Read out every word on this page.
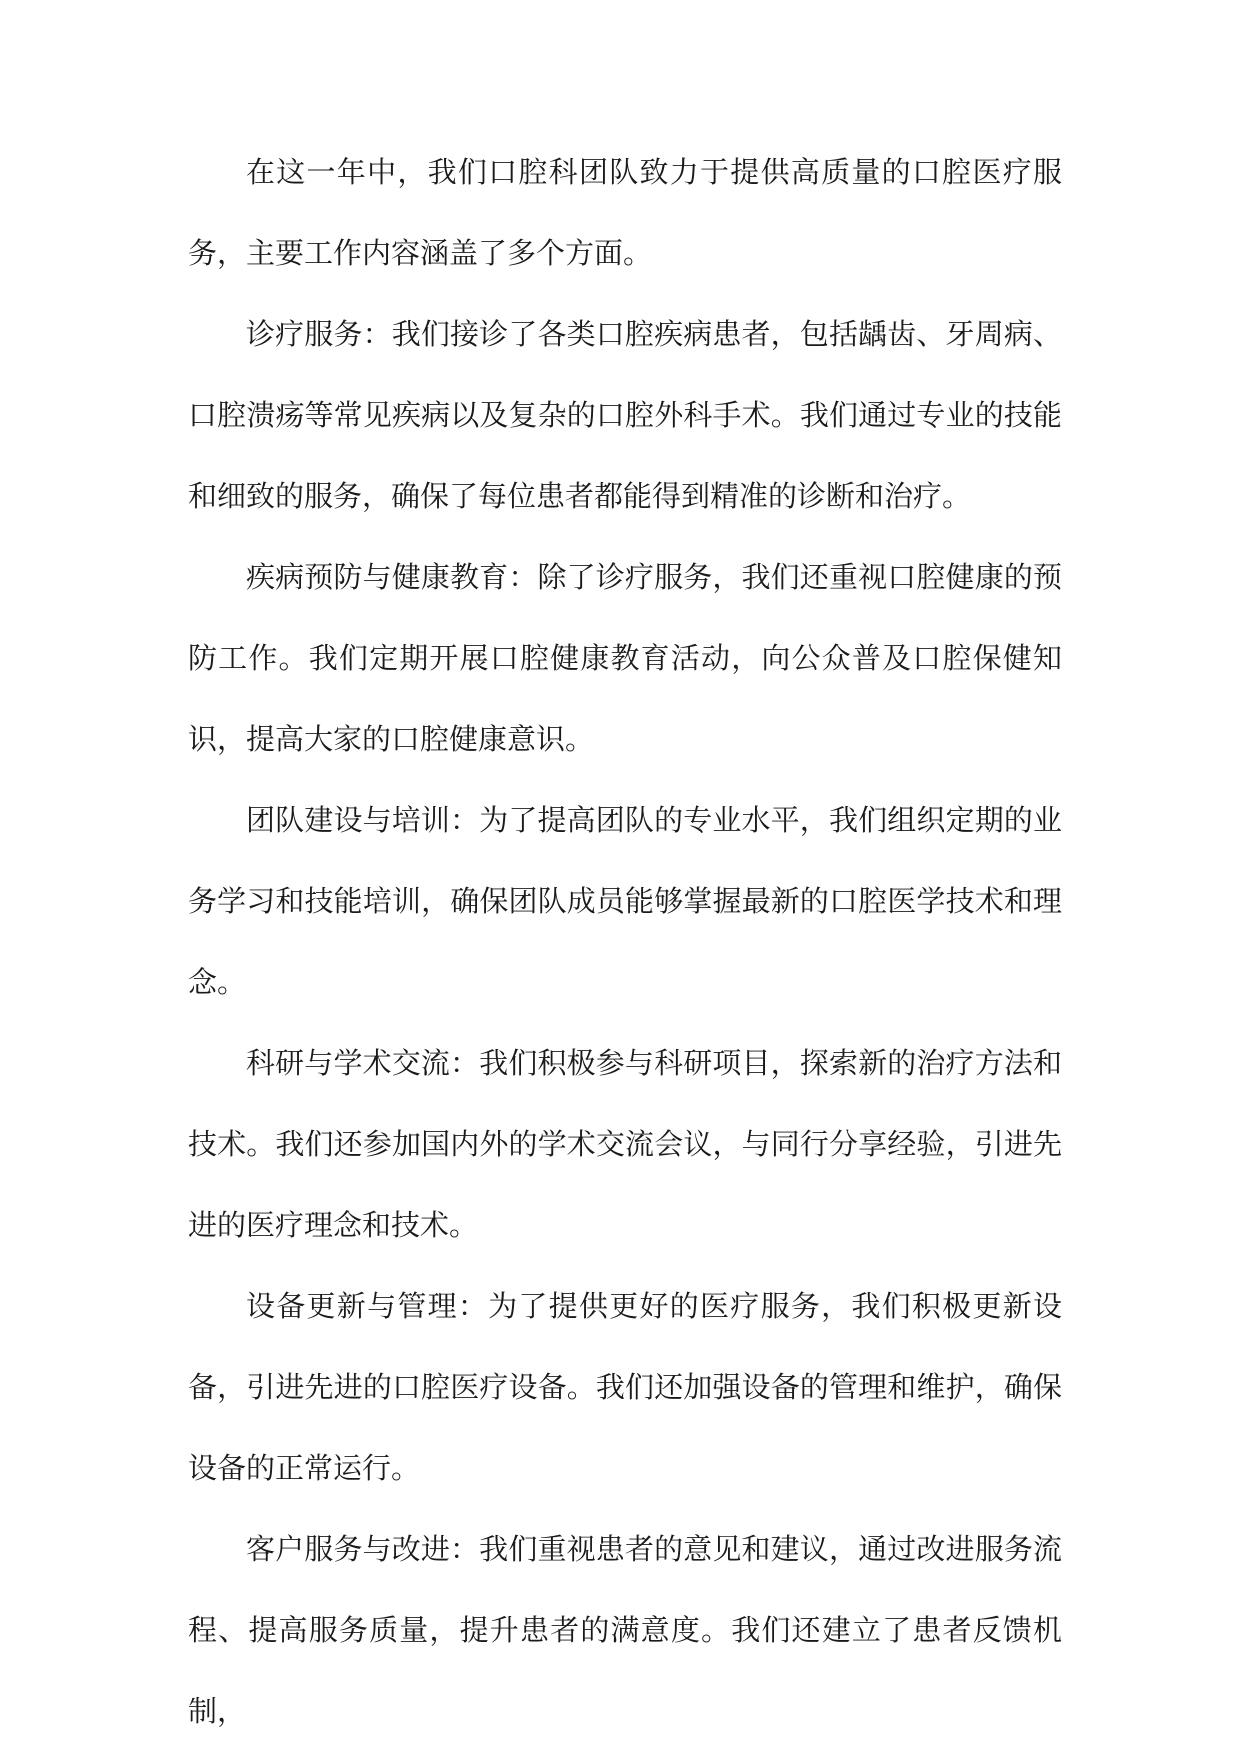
在这一年中，我们口腔科团队致力于提供高质量的口腔医疗服务，主要工作内容涵盖了多个方面。

诊疗服务：我们接诊了各类口腔疾病患者，包括龋齿、牙周病、口腔溃疡等常见疾病以及复杂的口腔外科手术。我们通过专业的技能和细致的服务，确保了每位患者都能得到精准的诊断和治疗。

疾病预防与健康教育：除了诊疗服务，我们还重视口腔健康的预防工作。我们定期开展口腔健康教育活动，向公众普及口腔保健知识，提高大家的口腔健康意识。

团队建设与培训：为了提高团队的专业水平，我们组织定期的业务学习和技能培训，确保团队成员能够掌握最新的口腔医学技术和理念。

科研与学术交流：我们积极参与科研项目，探索新的治疗方法和技术。我们还参加国内外的学术交流会议，与同行分享经验，引进先进的医疗理念和技术。

设备更新与管理：为了提供更好的医疗服务，我们积极更新设备，引进先进的口腔医疗设备。我们还加强设备的管理和维护，确保设备的正常运行。

客户服务与改进：我们重视患者的意见和建议，通过改进服务流程、提高服务质量，提升患者的满意度。我们还建立了患者反馈机制，
